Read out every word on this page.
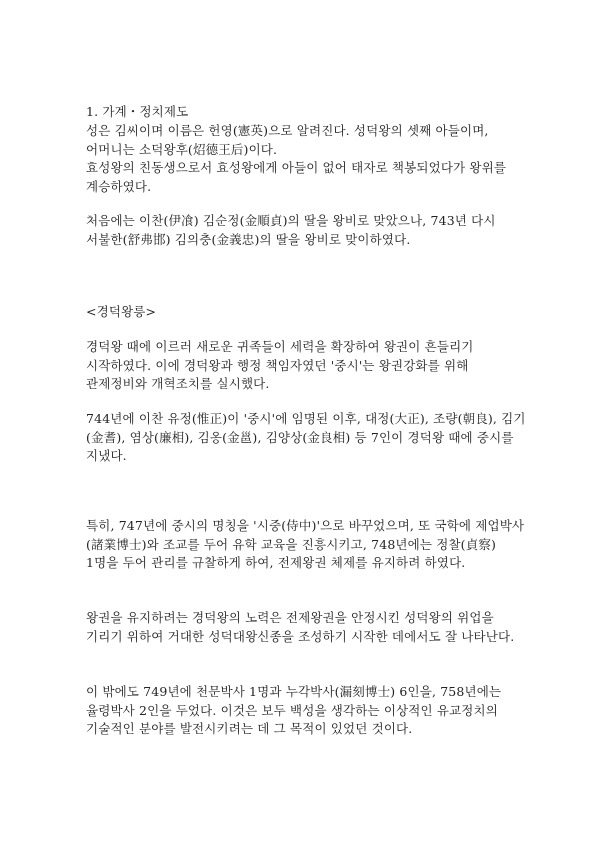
1. 가계・정치제도

성은 김씨이며 이름은 헌영(憲英)으로 알려진다. 성덕왕의 셋째 아들이며, 어머니는 소덕왕후(炤德王后)이다.

효성왕의 친동생으로서 효성왕에게 아들이 없어 태자로 책봉되었다가 왕위를 계승하였다.

처음에는 이찬(伊飡) 김순정(金順貞)의 딸을 왕비로 맞았으나, 743년 다시 서불한(舒弗邯) 김의충(金義忠)의 딸을 왕비로 맞이하였다.

<경덕왕릉>

경덕왕 때에 이르러 새로운 귀족들이 세력을 확장하여 왕권이 흔들리기 시작하였다. 이에 경덕왕과 행정 책임자였던 '중시'는 왕권강화를 위해 관제정비와 개혁조치를 실시했다.

744년에 이찬 유정(惟正)이 '중시'에 임명된 이후, 대정(大正), 조량(朝良), 김기(金耆), 염상(廉相), 김옹(金邕), 김양상(金良相) 등 7인이 경덕왕 때에 중시를 지냈다.

특히, 747년에 중시의 명칭을 '시중(侍中)'으로 바꾸었으며, 또 국학에 제업박사(諸業博士)와 조교를 두어 유학 교육을 진흥시키고, 748년에는 정찰(貞察) 1명을 두어 관리를 규찰하게 하여, 전제왕권 체제를 유지하려 하였다.

왕권을 유지하려는 경덕왕의 노력은 전제왕권을 안정시킨 성덕왕의 위업을 기리기 위하여 거대한 성덕대왕신종을 조성하기 시작한 데에서도 잘 나타난다.

이 밖에도 749년에 천문박사 1명과 누각박사(漏刻博士) 6인을, 758년에는 율령박사 2인을 두었다. 이것은 보두 백성을 생각하는 이상적인 유교정치의 기술적인 분야를 발전시키려는 데 그 목적이 있었던 것이다.
